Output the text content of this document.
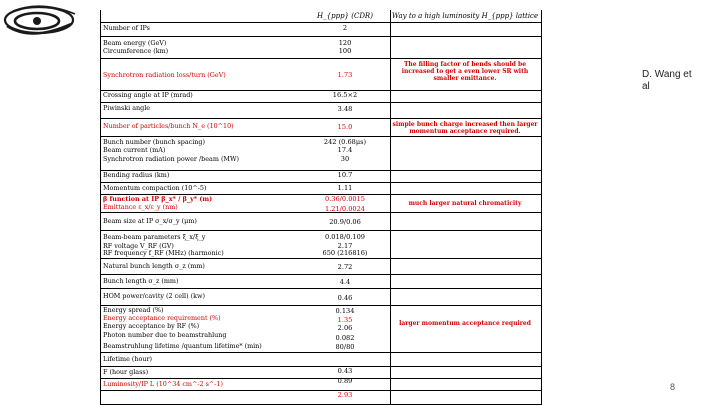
H_{ppp} (CDR)	Way to a high luminosity H_{ppp} lattice
Number of IPs
Beam energy (GeV)
Circumference (km)
Synchrotron radiation loss/turn (GeV)
Crossing angle at IP (mrad)
Piwinski angle
Number of particles/bunch N_e (10^10)
Bunch number (bunch spacing)
Beam current (mA)
Synchrotron radiation power /beam (MW)
Bending radius (km)
Momentum compaction (10^-5)
β function at IP β_x* / β_y* (m)
Emittance ε_x/ε_y (nm)
Beam size at IP σ_x/σ_y (μm)
Beam-beam parameters ξ_x/ξ_y
RF voltage V_RF (GV)
RF frequency f_RF (MHz) (harmonic)
Natural bunch length σ_z (mm)
Bunch length σ_z (mm)
HOM power/cavity (2 cell) (kw)
Energy spread (%)
Energy acceptance requirement (%)
Energy acceptance by RF (%)
Photon number due to beamstrahlung
Beamstruhlung lifetime /quantum lifetime* (min)
Lifetime (hour)
F (hour glass)
Luminosity/IP L (10^34 cm^-2 s^-1)
2
120
100
1.73
16.5×2
3.48
15.0
242 (0.68μs)
17.4
30
10.7
1.11
0.36/0.0015
1.21/0.0024
20.9/0.06
0.018/0.109
2.17
650 (216816)
2.72
4.4
0.46
0.134
1.35
2.06
0.082
80/80
0.43
0.89
2.93
The filling factor of bends should be increased to get a even lower SR with smaller emittance.
simple bunch charge increased then larger momentum acceptance required.
much larger natural chromaticity
larger momentum acceptance required
D. Wang et al
8
